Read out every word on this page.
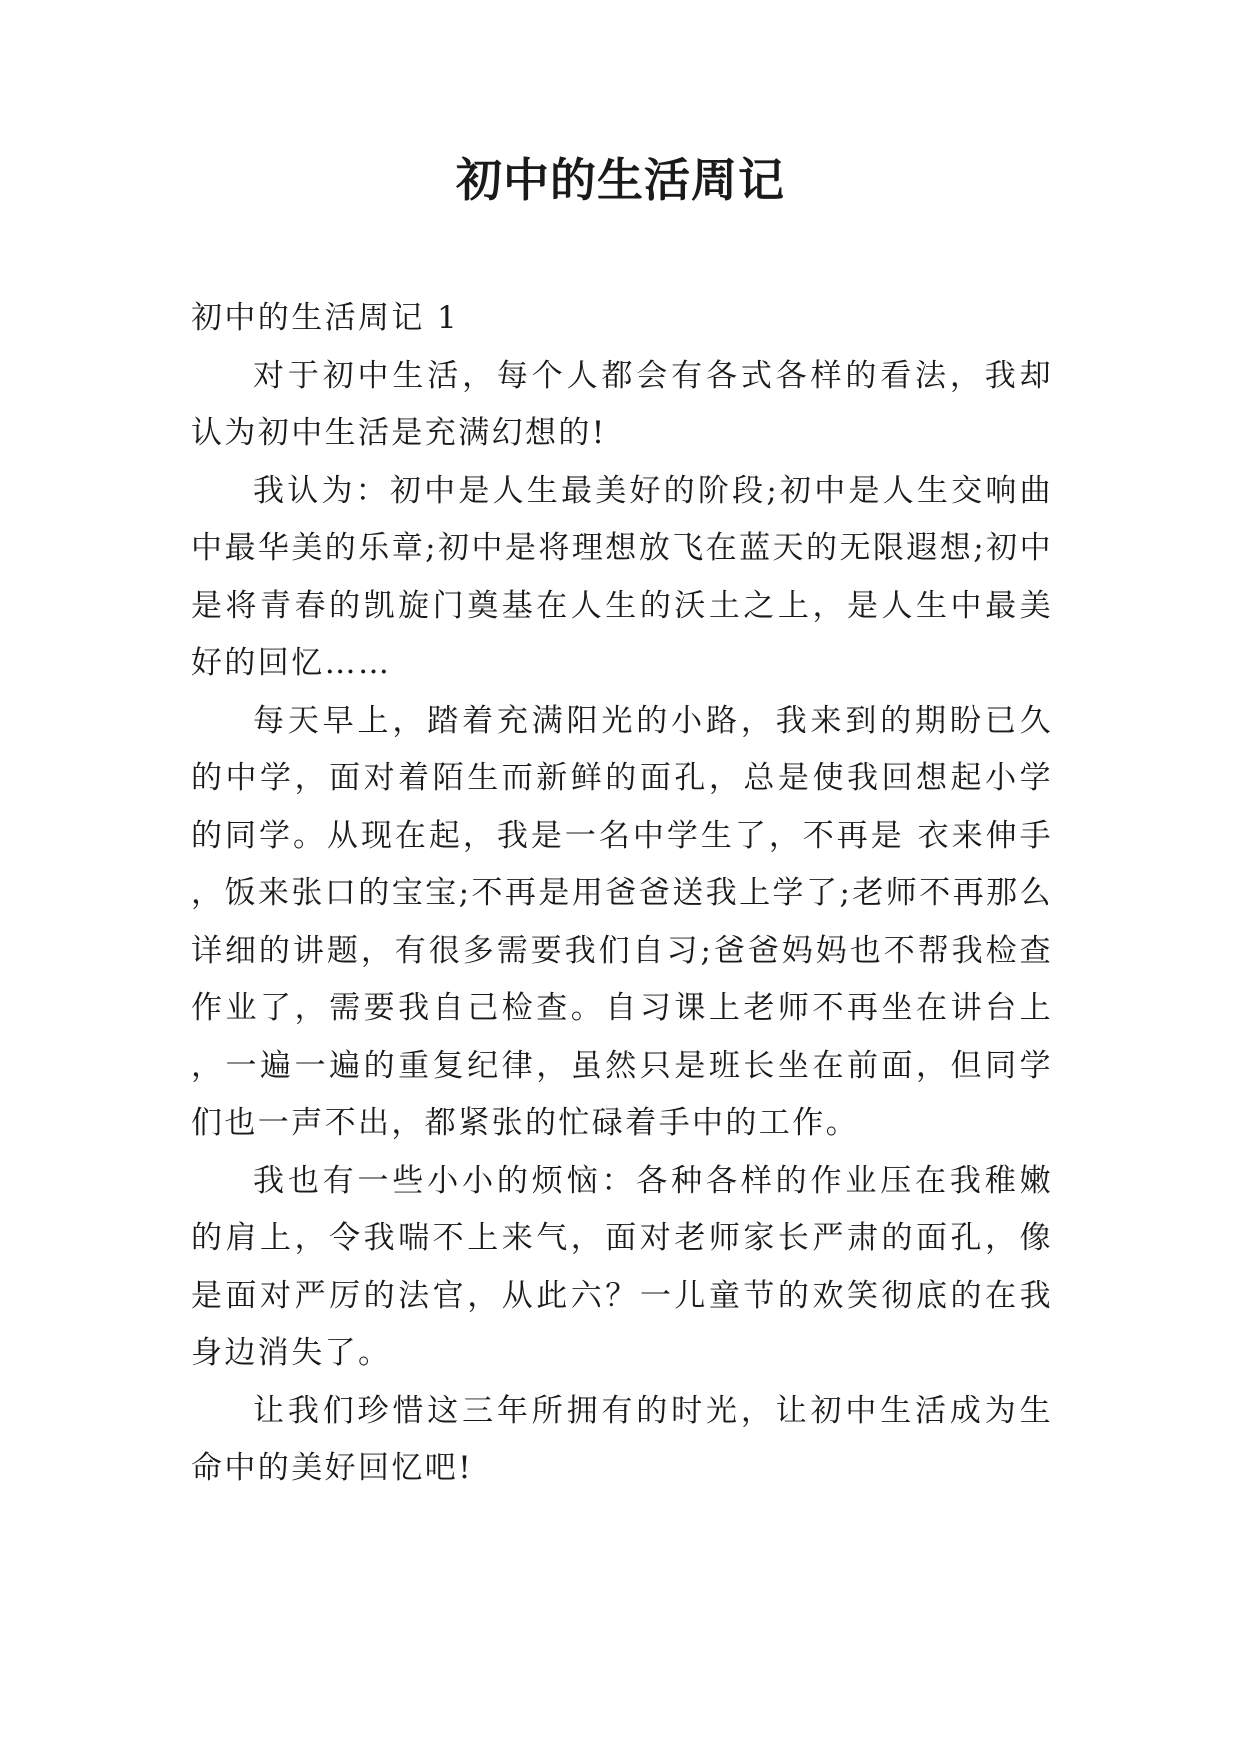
初中的生活周记
初中的生活周记 1

对于初中生活，每个人都会有各式各样的看法，我却认为初中生活是充满幻想的!

我认为：初中是人生最美好的阶段;初中是人生交响曲中最华美的乐章;初中是将理想放飞在蓝天的无限遐想;初中是将青春的凯旋门奠基在人生的沃土之上，是人生中最美好的回忆……

每天早上，踏着充满阳光的小路，我来到的期盼已久的中学，面对着陌生而新鲜的面孔，总是使我回想起小学的同学。从现在起，我是一名中学生了，不再是 衣来伸手，饭来张口的宝宝;不再是用爸爸送我上学了;老师不再那么详细的讲题，有很多需要我们自习;爸爸妈妈也不帮我检查作业了，需要我自己检查。自习课上老师不再坐在讲台上，一遍一遍的重复纪律，虽然只是班长坐在前面，但同学们也一声不出，都紧张的忙碌着手中的工作。

我也有一些小小的烦恼：各种各样的作业压在我稚嫩的肩上，令我喘不上来气，面对老师家长严肃的面孔，像是面对严厉的法官，从此六？一儿童节的欢笑彻底的在我身边消失了。

让我们珍惜这三年所拥有的时光，让初中生活成为生命中的美好回忆吧!
